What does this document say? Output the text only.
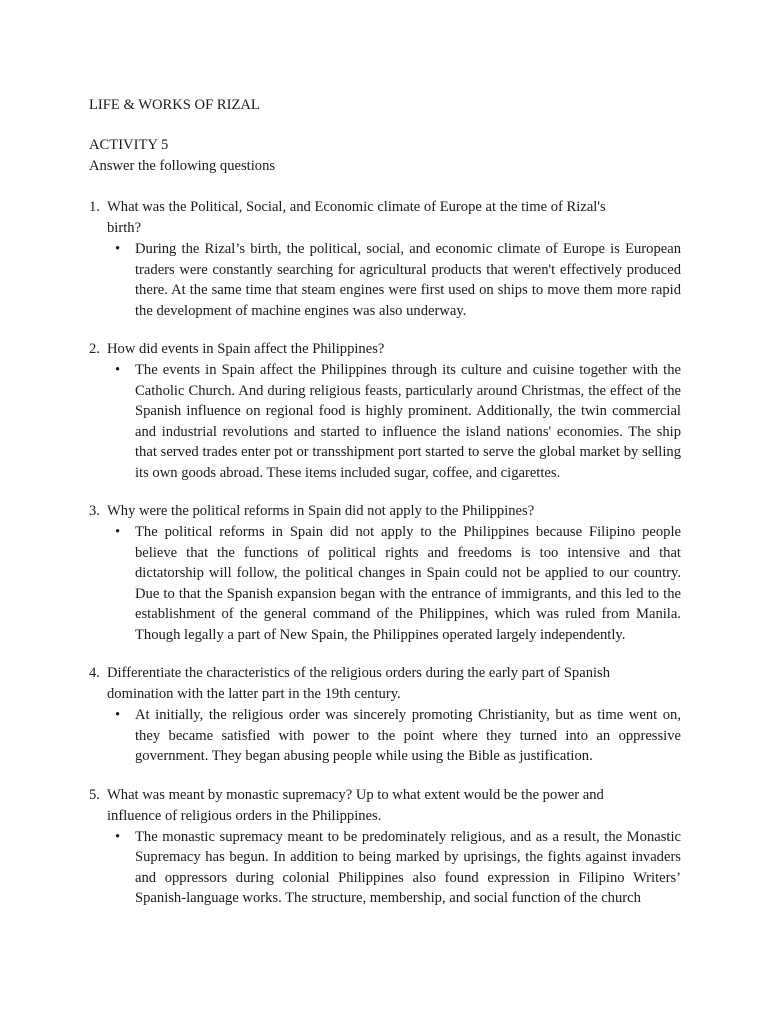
LIFE & WORKS OF RIZAL
ACTIVITY 5
Answer the following questions
1. What was the Political, Social, and Economic climate of Europe at the time of Rizal's birth?
•	During the Rizal’s birth, the political, social, and economic climate of Europe is European traders were constantly searching for agricultural products that weren't effectively produced there. At the same time that steam engines were first used on ships to move them more rapid the development of machine engines was also underway.
2. How did events in Spain affect the Philippines?
•	The events in Spain affect the Philippines through its culture and cuisine together with the Catholic Church. And during religious feasts, particularly around Christmas, the effect of the Spanish influence on regional food is highly prominent. Additionally, the twin commercial and industrial revolutions and started to influence the island nations' economies. The ship that served trades enter pot or transshipment port started to serve the global market by selling its own goods abroad. These items included sugar, coffee, and cigarettes.
3. Why were the political reforms in Spain did not apply to the Philippines?
•	The political reforms in Spain did not apply to the Philippines because Filipino people believe that the functions of political rights and freedoms is too intensive and that dictatorship will follow, the political changes in Spain could not be applied to our country. Due to that the Spanish expansion began with the entrance of immigrants, and this led to the establishment of the general command of the Philippines, which was ruled from Manila. Though legally a part of New Spain, the Philippines operated largely independently.
4. Differentiate the characteristics of the religious orders during the early part of Spanish domination with the latter part in the 19th century.
•	At initially, the religious order was sincerely promoting Christianity, but as time went on, they became satisfied with power to the point where they turned into an oppressive government. They began abusing people while using the Bible as justification.
5. What was meant by monastic supremacy? Up to what extent would be the power and influence of religious orders in the Philippines.
•	The monastic supremacy meant to be predominately religious, and as a result, the Monastic Supremacy has begun. In addition to being marked by uprisings, the fights against invaders and oppressors during colonial Philippines also found expression in Filipino Writers’ Spanish-language works. The structure, membership, and social function of the church
